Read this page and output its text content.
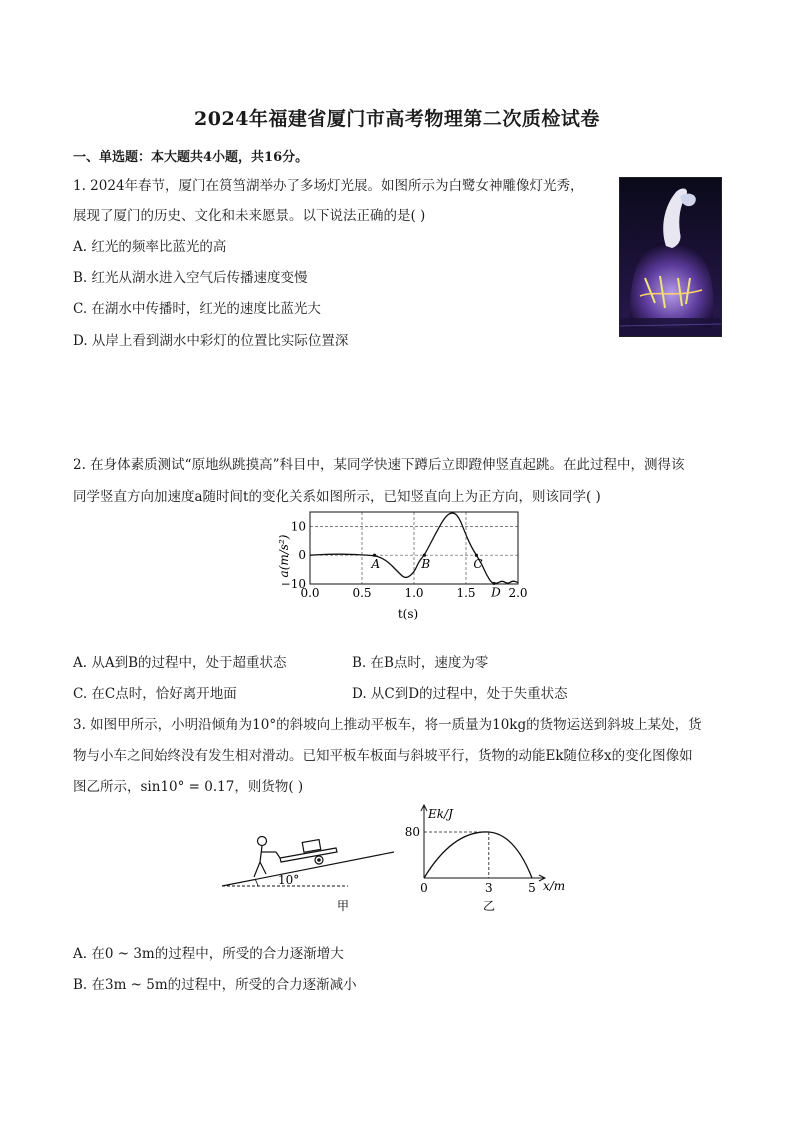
2024年福建省厦门市高考物理第二次质检试卷
一、单选题：本大题共4小题，共16分。
1. 2024年春节，厦门在筼筜湖举办了多场灯光展。如图所示为白鹭女神雕像灯光秀，
展现了厦门的历史、文化和未来愿景。以下说法正确的是( )
A. 红光的频率比蓝光的高
B. 红光从湖水进入空气后传播速度变慢
C. 在湖水中传播时，红光的速度比蓝光大
D. 从岸上看到湖水中彩灯的位置比实际位置深
2. 在身体素质测试“原地纵跳摸高”科目中，某同学快速下蹲后立即蹬伸竖直起跳。在此过程中，测得该
同学竖直方向加速度a随时间t的变化关系如图所示，已知竖直向上为正方向，则该同学( )
0.0	0.5	1.0	1.5	2.0
10
0
−10
A	B	C
D
a(m/s²)
t(s)
A. 从A到B的过程中，处于超重状态	B. 在B点时，速度为零
C. 在C点时，恰好离开地面	D. 从C到D的过程中，处于失重状态
3. 如图甲所示，小明沿倾角为10°的斜坡向上推动平板车，将一质量为10kg的货物运送到斜坡上某处，货
物与小车之间始终没有发生相对滑动。已知平板车板面与斜坡平行，货物的动能Ek随位移x的变化图像如
图乙所示，sin10° = 0.17，则货物( )
10°
甲
0	3	5
80
Ek/J
x/m
乙
A. 在0 ~ 3m的过程中，所受的合力逐渐增大
B. 在3m ~ 5m的过程中，所受的合力逐渐减小
